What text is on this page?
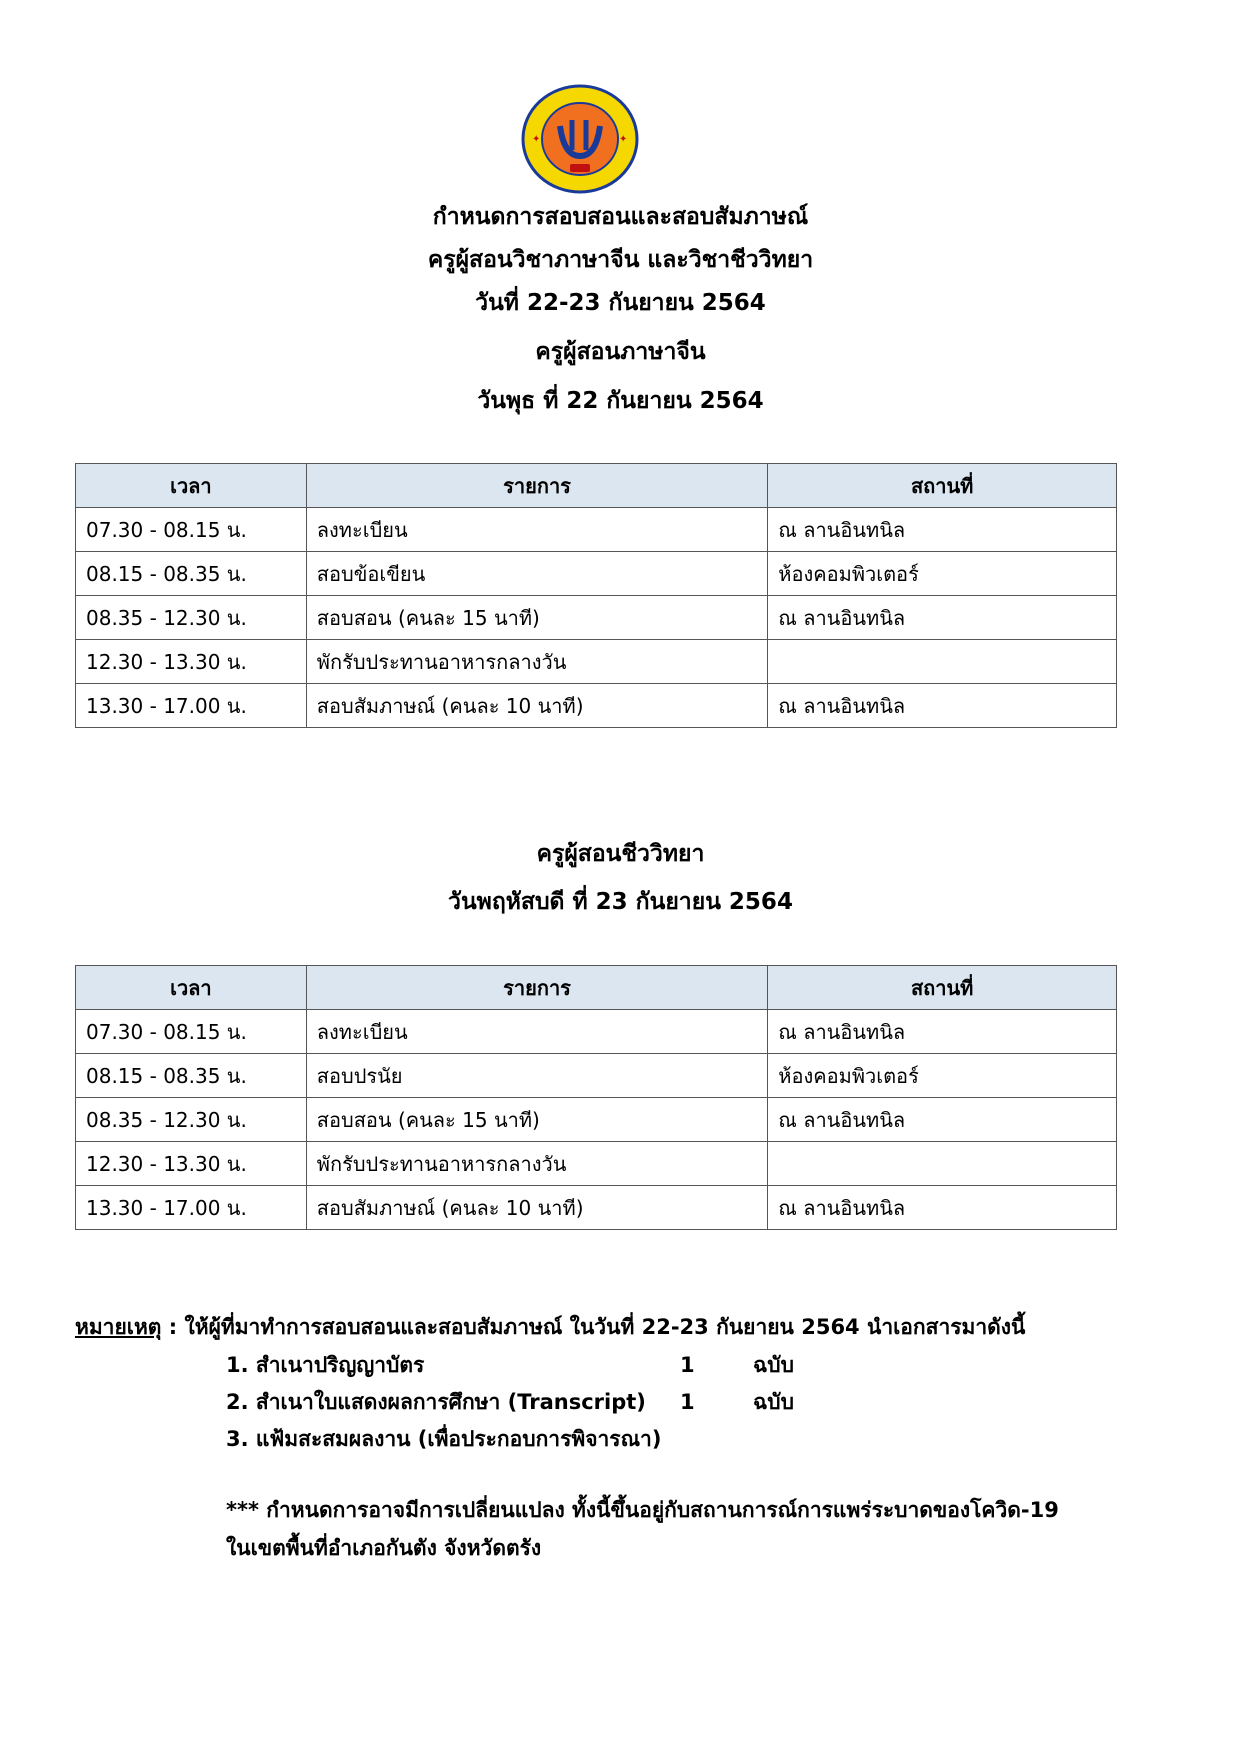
✦	✦
กำหนดการสอบสอนและสอบสัมภาษณ์
ครูผู้สอนวิชาภาษาจีน และวิชาชีววิทยา
วันที่ 22-23 กันยายน 2564
ครูผู้สอนภาษาจีน
วันพุธ ที่ 22 กันยายน 2564
เวลา	รายการ	สถานที่
07.30 - 08.15 น.	ลงทะเบียน	ณ ลานอินทนิล
08.15 - 08.35 น.	สอบข้อเขียน	ห้องคอมพิวเตอร์
08.35 - 12.30 น.	สอบสอน (คนละ 15 นาที)	ณ ลานอินทนิล
12.30 - 13.30 น.	พักรับประทานอาหารกลางวัน	
13.30 - 17.00 น.	สอบสัมภาษณ์ (คนละ 10 นาที)	ณ ลานอินทนิล
ครูผู้สอนชีววิทยา
วันพฤหัสบดี ที่ 23 กันยายน 2564
เวลา	รายการ	สถานที่
07.30 - 08.15 น.	ลงทะเบียน	ณ ลานอินทนิล
08.15 - 08.35 น.	สอบปรนัย	ห้องคอมพิวเตอร์
08.35 - 12.30 น.	สอบสอน (คนละ 15 นาที)	ณ ลานอินทนิล
12.30 - 13.30 น.	พักรับประทานอาหารกลางวัน	
13.30 - 17.00 น.	สอบสัมภาษณ์ (คนละ 10 นาที)	ณ ลานอินทนิล
หมายเหตุ : ให้ผู้ที่มาทำการสอบสอนและสอบสัมภาษณ์ ในวันที่ 22-23 กันยายน 2564 นำเอกสารมาดังนี้
1. สำเนาปริญญาบัตร	1	ฉบับ
2. สำเนาใบแสดงผลการศึกษา (Transcript) 1	ฉบับ
3. แฟ้มสะสมผลงาน (เพื่อประกอบการพิจารณา)
*** กำหนดการอาจมีการเปลี่ยนแปลง ทั้งนี้ขึ้นอยู่กับสถานการณ์การแพร่ระบาดของโควิด-19
ในเขตพื้นที่อำเภอกันตัง จังหวัดตรัง
